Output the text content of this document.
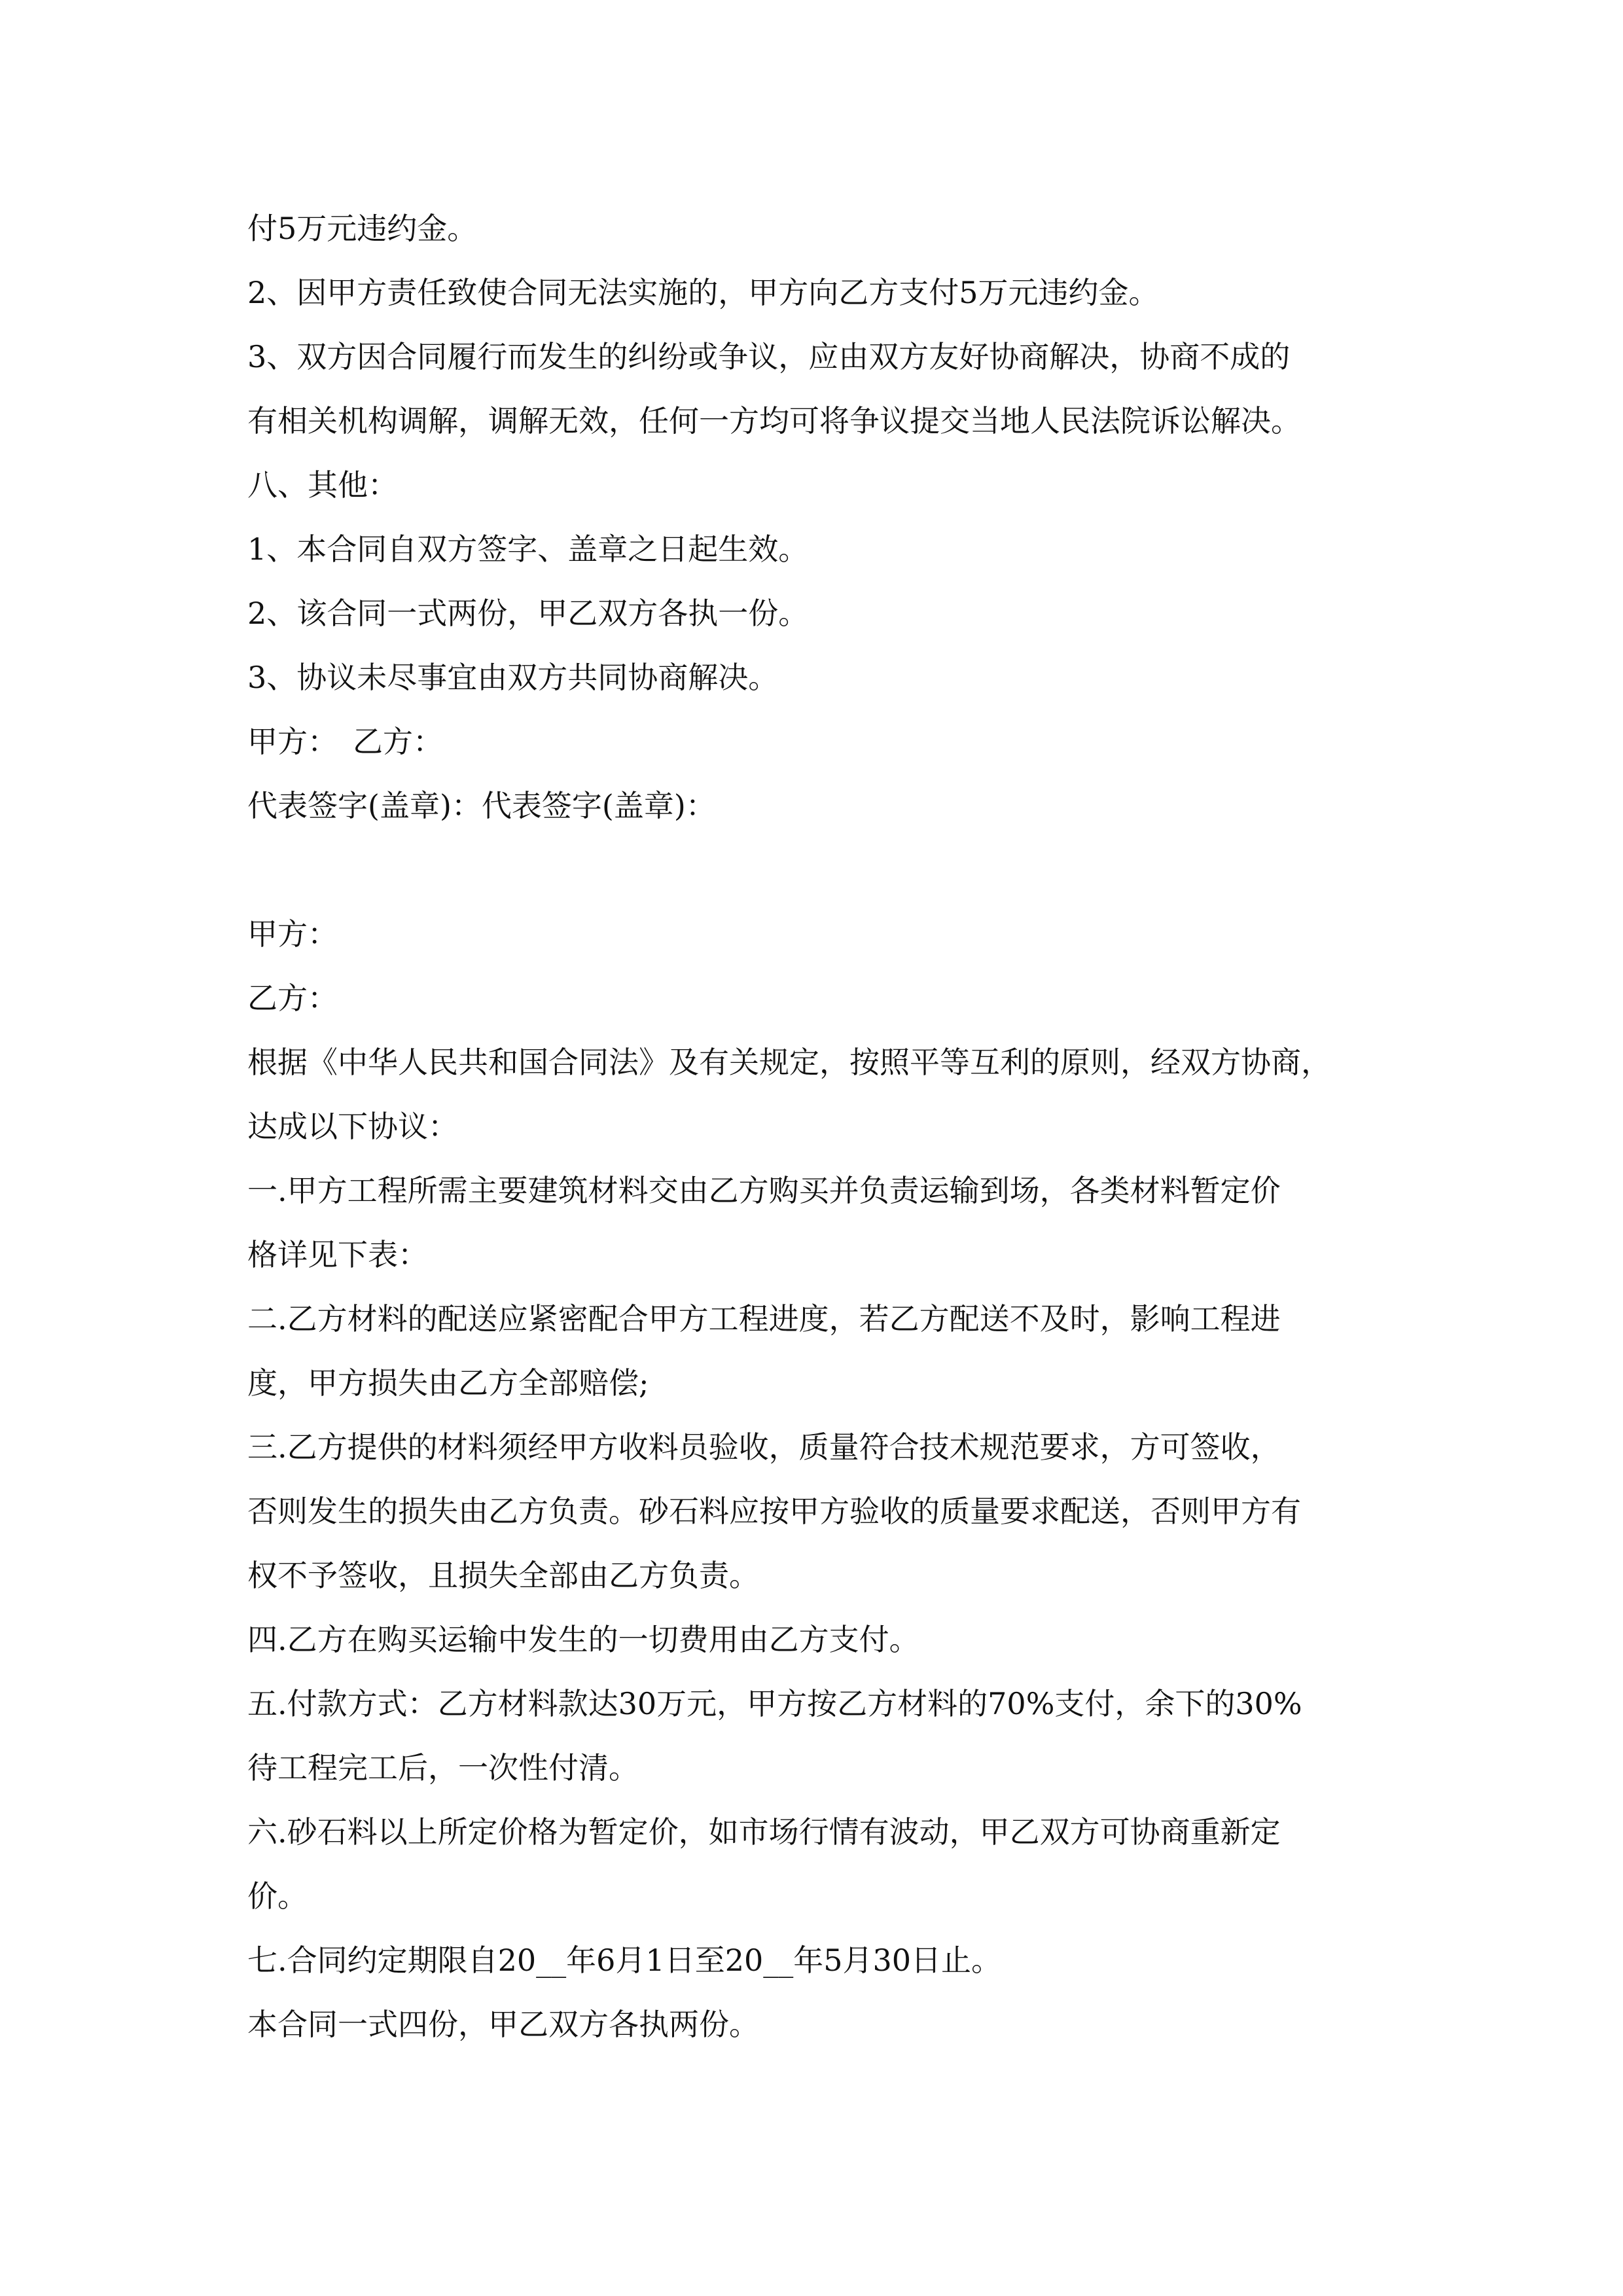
付5万元违约金。
2、因甲方责任致使合同无法实施的，甲方向乙方支付5万元违约金。
3、双方因合同履行而发生的纠纷或争议，应由双方友好协商解决，协商不成的
有相关机构调解，调解无效，任何一方均可将争议提交当地人民法院诉讼解决。
八、其他：
1、本合同自双方签字、盖章之日起生效。
2、该合同一式两份，甲乙双方各执一份。
3、协议未尽事宜由双方共同协商解决。
甲方：　乙方：
代表签字(盖章)：代表签字(盖章)：
甲方：
乙方：
根据《中华人民共和国合同法》及有关规定，按照平等互利的原则，经双方协商，
达成以下协议：
一.甲方工程所需主要建筑材料交由乙方购买并负责运输到场，各类材料暂定价
格详见下表：
二.乙方材料的配送应紧密配合甲方工程进度，若乙方配送不及时，影响工程进
度，甲方损失由乙方全部赔偿;
三.乙方提供的材料须经甲方收料员验收，质量符合技术规范要求，方可签收，
否则发生的损失由乙方负责。砂石料应按甲方验收的质量要求配送，否则甲方有
权不予签收，且损失全部由乙方负责。
四.乙方在购买运输中发生的一切费用由乙方支付。
五.付款方式：乙方材料款达30万元，甲方按乙方材料的70%支付，余下的30%
待工程完工后，一次性付清。
六.砂石料以上所定价格为暂定价，如市场行情有波动，甲乙双方可协商重新定
价。
七.合同约定期限自20__年6月1日至20__年5月30日止。
本合同一式四份，甲乙双方各执两份。
